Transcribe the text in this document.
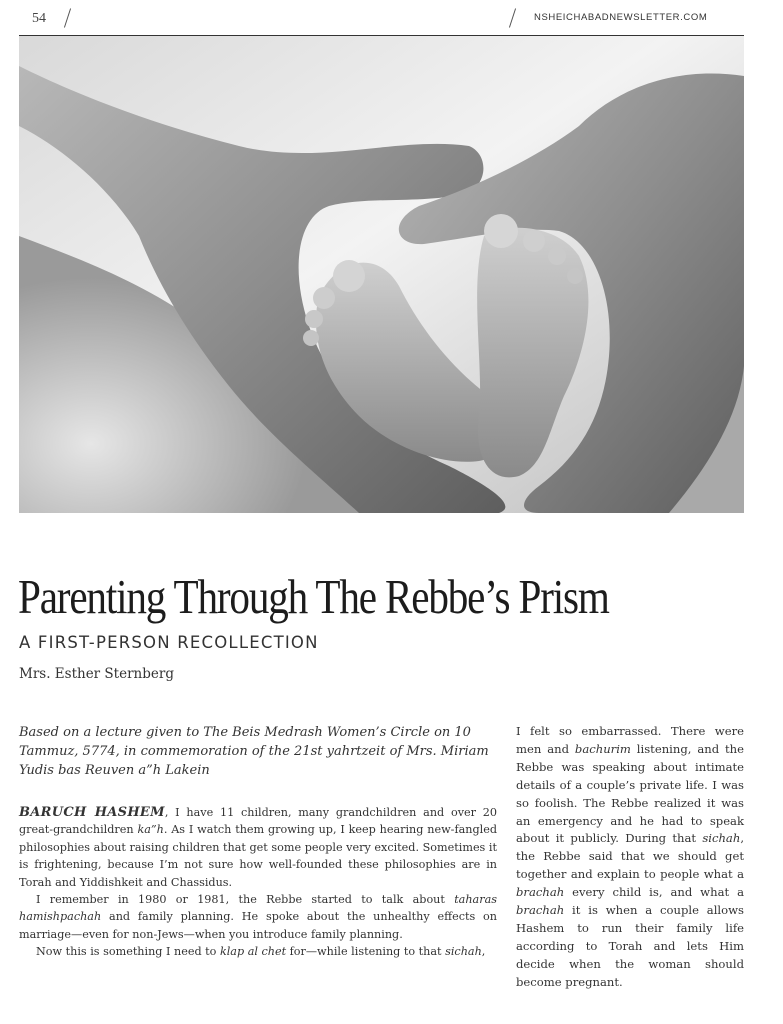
54	NSHEICHABADNEWSLETTER.COM
Parenting Through The Rebbe’s Prism
A FIRST-PERSON RECOLLECTION
Mrs. Esther Sternberg

Based on a lecture given to The Beis Medrash Women’s Circle on 10 Tammuz, 5774, in commemoration of the 21st yahrtzeit of Mrs. Miriam Yudis bas Reuven a”h Lakein

BARUCH HASHEM, I have 11 children, many grandchildren and over 20 great-grandchildren ka”h. As I watch them growing up, I keep hearing new-fangled philosophies about raising children that get some people very excited. Sometimes it is frightening, because I’m not sure how well-founded these philosophies are in Torah and Yiddishkeit and Chassidus.

I remember in 1980 or 1981, the Rebbe started to talk about taharas hamishpachah and family planning. He spoke about the unhealthy effects on marriage—even for non-Jews—when you introduce family planning.

Now this is something I need to klap al chet for—while listening to that sichah,

I felt so embarrassed. There were men and bachurim listening, and the Rebbe was speaking about intimate details of a couple’s private life. I was so foolish. The Rebbe realized it was an emergency and he had to speak about it publicly. During that sichah, the Rebbe said that we should get together and explain to people what a brachah every child is, and what a brachah it is when a couple allows Hashem to run their family life according to Torah and lets Him decide when the woman should become pregnant.
